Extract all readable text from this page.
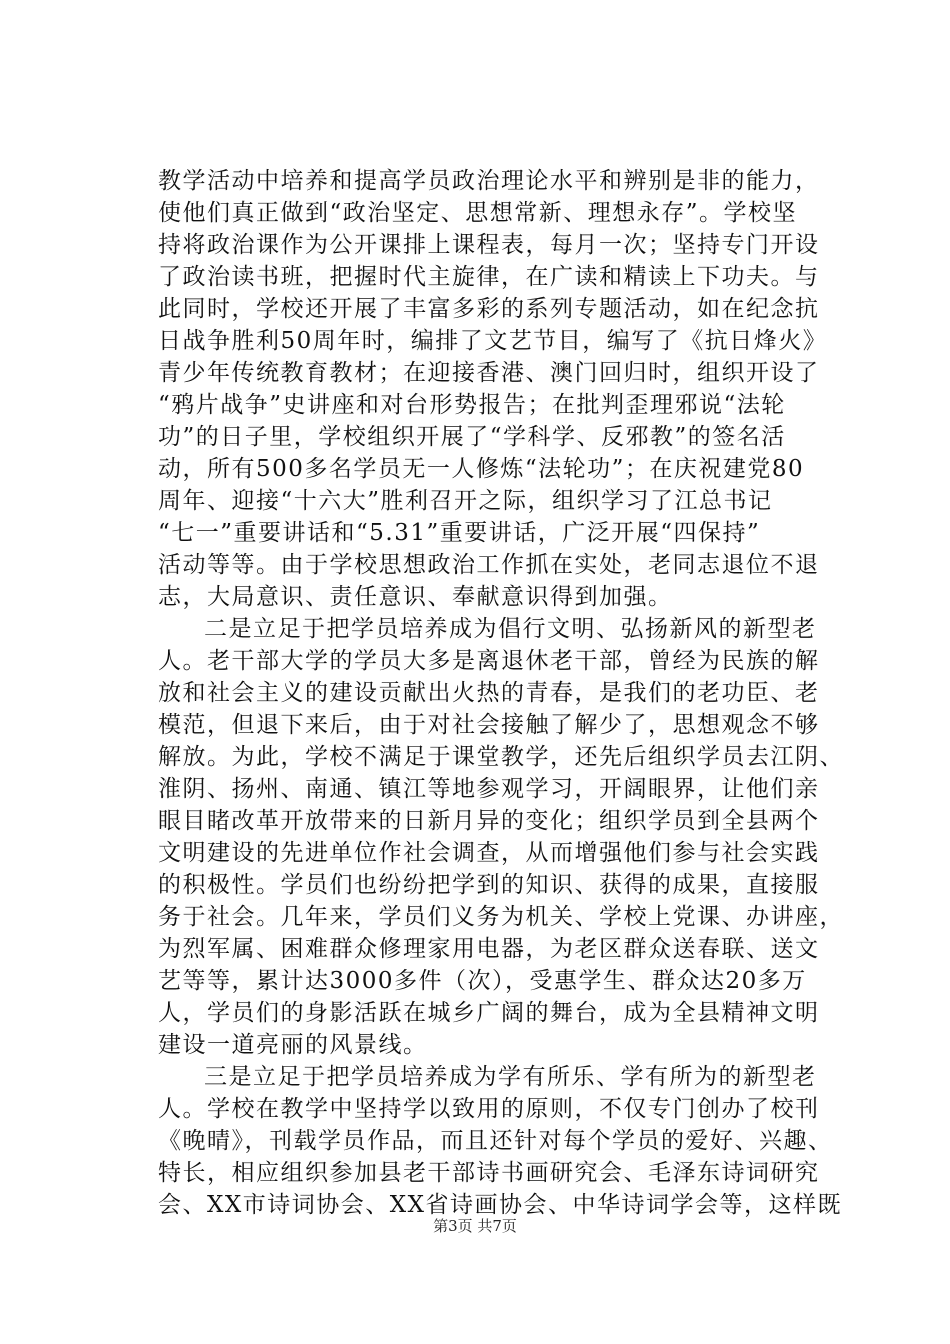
教学活动中培养和提高学员政治理论水平和辨别是非的能力，
使他们真正做到“政治坚定、思想常新、理想永存”。学校坚
持将政治课作为公开课排上课程表，每月一次；坚持专门开设
了政治读书班，把握时代主旋律，在广读和精读上下功夫。与
此同时，学校还开展了丰富多彩的系列专题活动，如在纪念抗
日战争胜利50周年时，编排了文艺节目，编写了《抗日烽火》
青少年传统教育教材；在迎接香港、澳门回归时，组织开设了
“鸦片战争”史讲座和对台形势报告；在批判歪理邪说“法轮
功”的日子里，学校组织开展了“学科学、反邪教”的签名活
动，所有500多名学员无一人修炼“法轮功”；在庆祝建党80
周年、迎接“十六大”胜利召开之际，组织学习了江总书记
“七一”重要讲话和“5.31”重要讲话，广泛开展“四保持”
活动等等。由于学校思想政治工作抓在实处，老同志退位不退
志，大局意识、责任意识、奉献意识得到加强。
二是立足于把学员培养成为倡行文明、弘扬新风的新型老
人。老干部大学的学员大多是离退休老干部，曾经为民族的解
放和社会主义的建设贡献出火热的青春，是我们的老功臣、老
模范，但退下来后，由于对社会接触了解少了，思想观念不够
解放。为此，学校不满足于课堂教学，还先后组织学员去江阴、
淮阴、扬州、南通、镇江等地参观学习，开阔眼界，让他们亲
眼目睹改革开放带来的日新月异的变化；组织学员到全县两个
文明建设的先进单位作社会调查，从而增强他们参与社会实践
的积极性。学员们也纷纷把学到的知识、获得的成果，直接服
务于社会。几年来，学员们义务为机关、学校上党课、办讲座，
为烈军属、困难群众修理家用电器，为老区群众送春联、送文
艺等等，累计达3000多件（次），受惠学生、群众达20多万
人，学员们的身影活跃在城乡广阔的舞台，成为全县精神文明
建设一道亮丽的风景线。
三是立足于把学员培养成为学有所乐、学有所为的新型老
人。学校在教学中坚持学以致用的原则，不仅专门创办了校刊
《晚晴》，刊载学员作品，而且还针对每个学员的爱好、兴趣、
特长，相应组织参加县老干部诗书画研究会、毛泽东诗词研究
会、XX市诗词协会、XX省诗画协会、中华诗词学会等，这样既
第3页 共7页
